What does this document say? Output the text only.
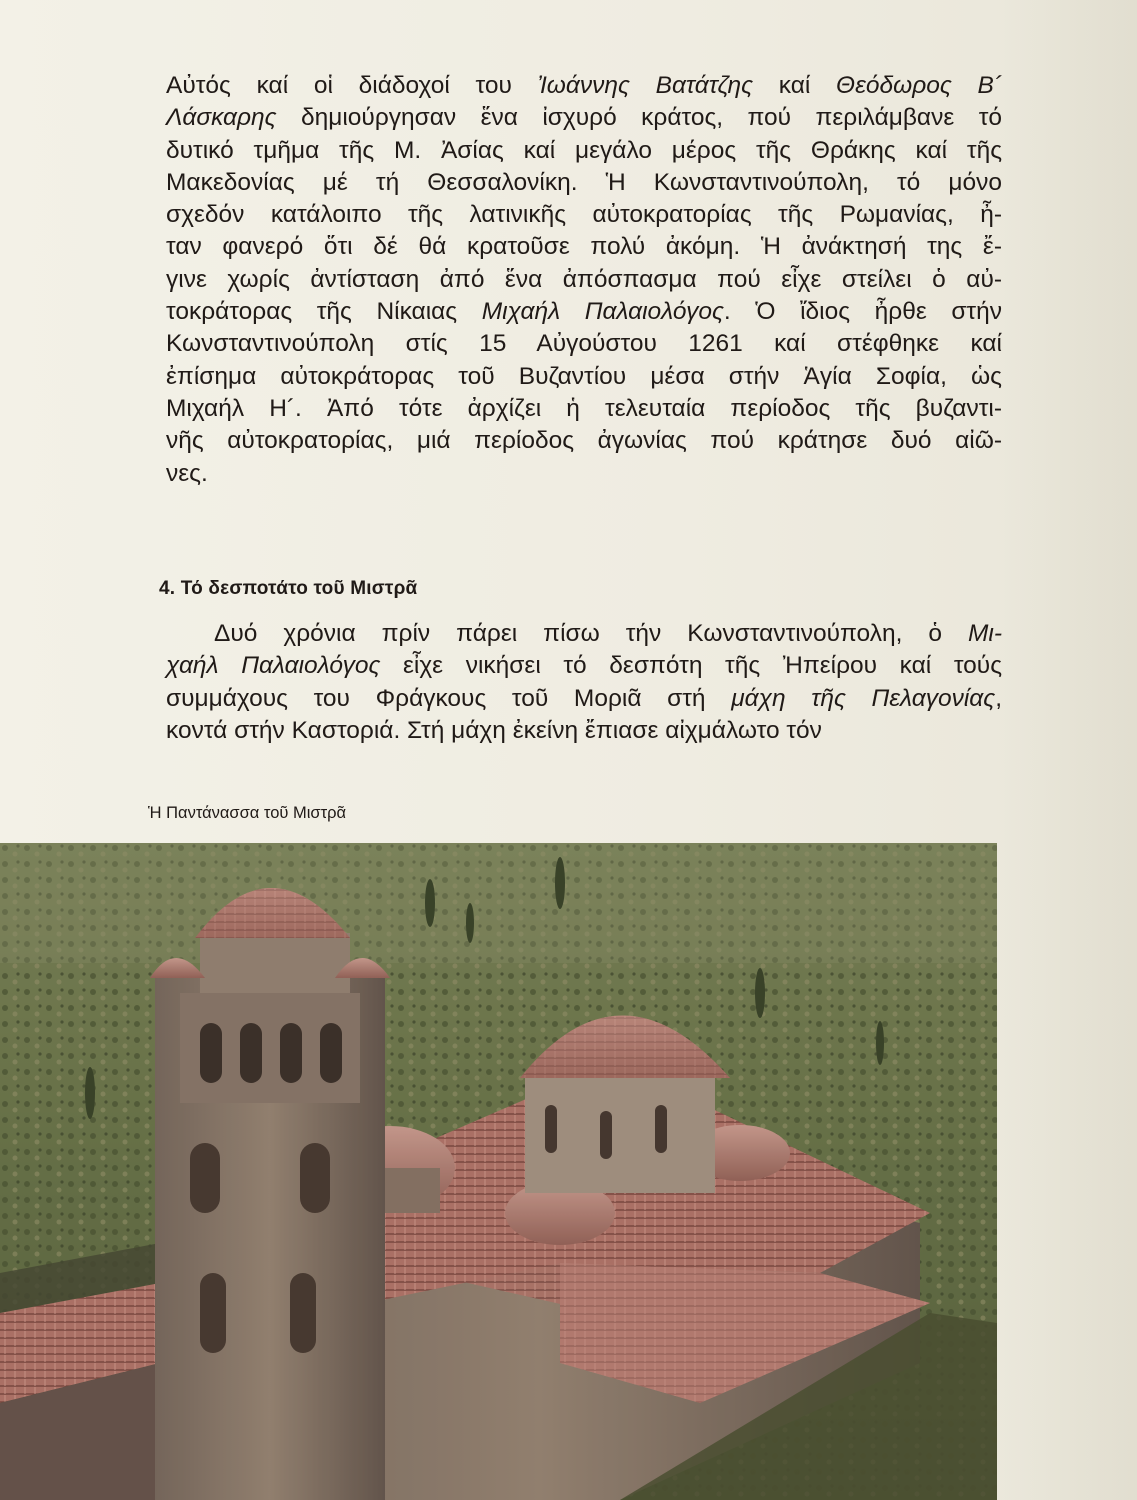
Αὐτός καί οἱ διάδοχοί του Ἰωάννης Βατάτζης καί Θεόδωρος Β´
Λάσκαρης δημιούργησαν ἕνα ἰσχυρό κράτος, πού περιλάμβανε τό
δυτικό τμῆμα τῆς Μ. Ἀσίας καί μεγάλο μέρος τῆς Θράκης καί τῆς
Μακεδονίας μέ τή Θεσσαλονίκη. Ἡ Κωνσταντινούπολη, τό μόνο
σχεδόν κατάλοιπο τῆς λατινικῆς αὐτοκρατορίας τῆς Ρωμανίας, ἦ-
ταν φανερό ὅτι δέ θά κρατοῦσε πολύ ἀκόμη. Ἡ ἀνάκτησή της ἔ-
γινε χωρίς ἀντίσταση ἀπό ἕνα ἀπόσπασμα πού εἶχε στείλει ὁ αὐ-
τοκράτορας τῆς Νίκαιας Μιχαήλ Παλαιολόγος. Ὁ ἴδιος ἦρθε στήν
Κωνσταντινούπολη στίς 15 Αὐγούστου 1261 καί στέφθηκε καί
ἐπίσημα αὐτοκράτορας τοῦ Βυζαντίου μέσα στήν Ἁγία Σοφία, ὡς
Μιχαήλ Η´. Ἀπό τότε ἀρχίζει ἡ τελευταία περίοδος τῆς βυζαντι-
νῆς αὐτοκρατορίας, μιά περίοδος ἀγωνίας πού κράτησε δυό αἰῶ-
νες.
4. Τό δεσποτάτο τοῦ Μιστρᾶ
Δυό χρόνια πρίν πάρει πίσω τήν Κωνσταντινούπολη, ὁ Μι-
χαήλ Παλαιολόγος εἶχε νικήσει τό δεσπότη τῆς Ἠπείρου καί τούς
συμμάχους του Φράγκους τοῦ Μοριᾶ στή μάχη τῆς Πελαγονίας,
κοντά στήν Καστοριά. Στή μάχη ἐκείνη ἔπιασε αἰχμάλωτο τόν
Ἡ Παντάνασσα τοῦ Μιστρᾶ
